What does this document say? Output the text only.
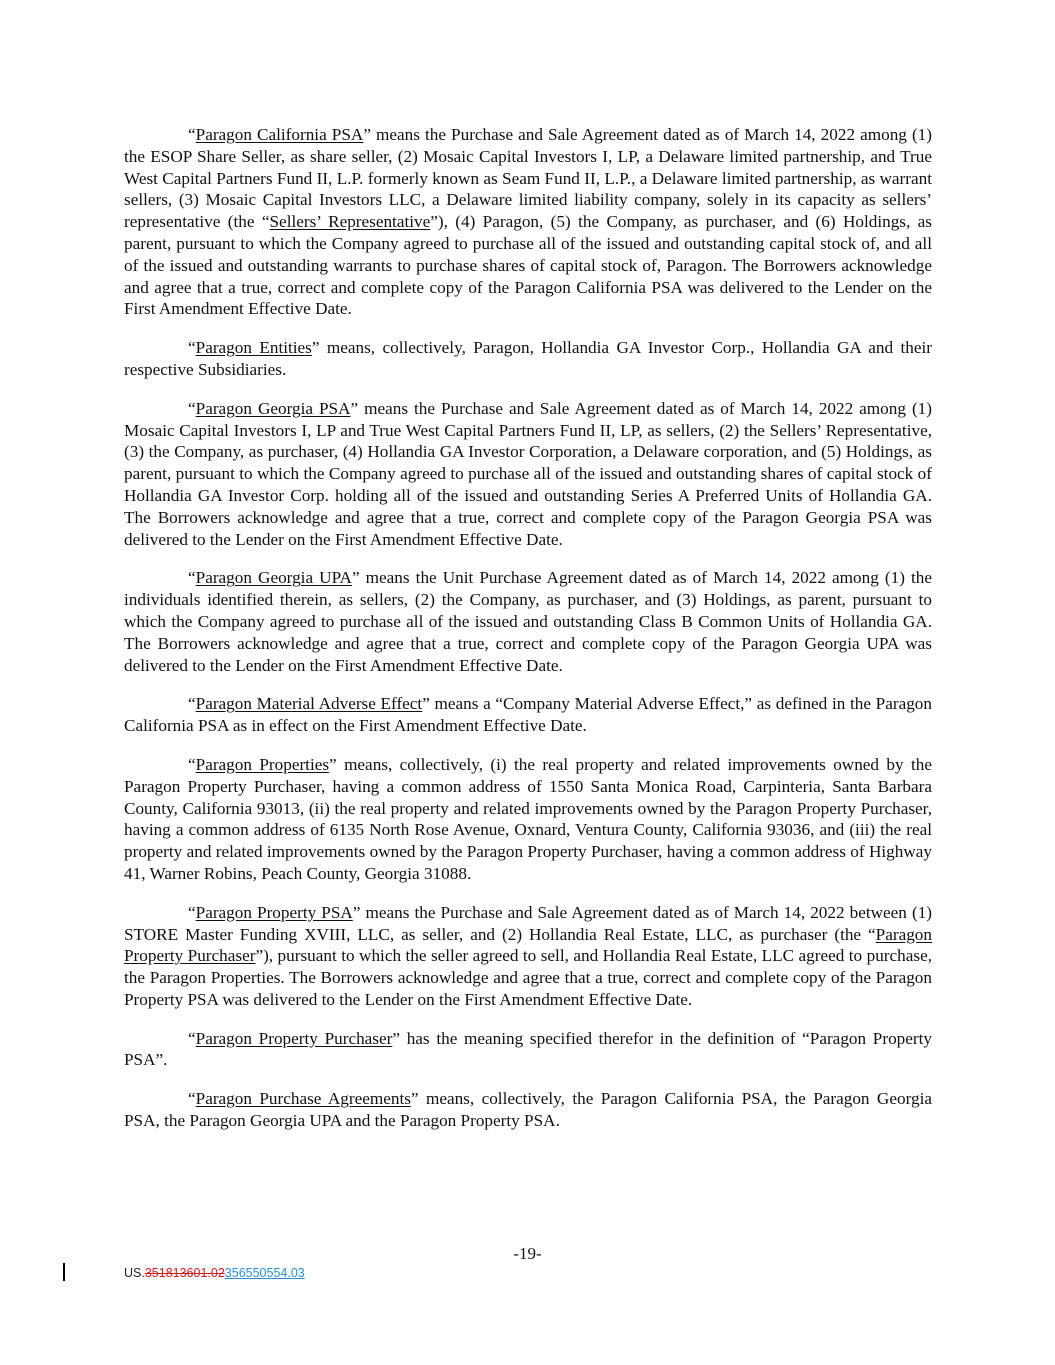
“Paragon California PSA” means the Purchase and Sale Agreement dated as of March 14, 2022 among (1) the ESOP Share Seller, as share seller, (2) Mosaic Capital Investors I, LP, a Delaware limited partnership, and True West Capital Partners Fund II, L.P. formerly known as Seam Fund II, L.P., a Delaware limited partnership, as warrant sellers, (3) Mosaic Capital Investors LLC, a Delaware limited liability company, solely in its capacity as sellers’ representative (the “Sellers’ Representative”), (4) Paragon, (5) the Company, as purchaser, and (6) Holdings, as parent, pursuant to which the Company agreed to purchase all of the issued and outstanding capital stock of, and all of the issued and outstanding warrants to purchase shares of capital stock of, Paragon. The Borrowers acknowledge and agree that a true, correct and complete copy of the Paragon California PSA was delivered to the Lender on the First Amendment Effective Date.

“Paragon Entities” means, collectively, Paragon, Hollandia GA Investor Corp., Hollandia GA and their respective Subsidiaries.

“Paragon Georgia PSA” means the Purchase and Sale Agreement dated as of March 14, 2022 among (1) Mosaic Capital Investors I, LP and True West Capital Partners Fund II, LP, as sellers, (2) the Sellers’ Representative, (3) the Company, as purchaser, (4) Hollandia GA Investor Corporation, a Delaware corporation, and (5) Holdings, as parent, pursuant to which the Company agreed to purchase all of the issued and outstanding shares of capital stock of Hollandia GA Investor Corp. holding all of the issued and outstanding Series A Preferred Units of Hollandia GA. The Borrowers acknowledge and agree that a true, correct and complete copy of the Paragon Georgia PSA was delivered to the Lender on the First Amendment Effective Date.

“Paragon Georgia UPA” means the Unit Purchase Agreement dated as of March 14, 2022 among (1) the individuals identified therein, as sellers, (2) the Company, as purchaser, and (3) Holdings, as parent, pursuant to which the Company agreed to purchase all of the issued and outstanding Class B Common Units of Hollandia GA. The Borrowers acknowledge and agree that a true, correct and complete copy of the Paragon Georgia UPA was delivered to the Lender on the First Amendment Effective Date.

“Paragon Material Adverse Effect” means a “Company Material Adverse Effect,” as defined in the Paragon California PSA as in effect on the First Amendment Effective Date.

“Paragon Properties” means, collectively, (i) the real property and related improvements owned by the Paragon Property Purchaser, having a common address of 1550 Santa Monica Road, Carpinteria, Santa Barbara County, California 93013, (ii) the real property and related improvements owned by the Paragon Property Purchaser, having a common address of 6135 North Rose Avenue, Oxnard, Ventura County, California 93036, and (iii) the real property and related improvements owned by the Paragon Property Purchaser, having a common address of Highway 41, Warner Robins, Peach County, Georgia 31088.

“Paragon Property PSA” means the Purchase and Sale Agreement dated as of March 14, 2022 between (1) STORE Master Funding XVIII, LLC, as seller, and (2) Hollandia Real Estate, LLC, as purchaser (the “Paragon Property Purchaser”), pursuant to which the seller agreed to sell, and Hollandia Real Estate, LLC agreed to purchase, the Paragon Properties. The Borrowers acknowledge and agree that a true, correct and complete copy of the Paragon Property PSA was delivered to the Lender on the First Amendment Effective Date.

“Paragon Property Purchaser” has the meaning specified therefor in the definition of “Paragon Property PSA”.

“Paragon Purchase Agreements” means, collectively, the Paragon California PSA, the Paragon Georgia PSA, the Paragon Georgia UPA and the Paragon Property PSA.

-19-
US.351813601.02356550554.03
